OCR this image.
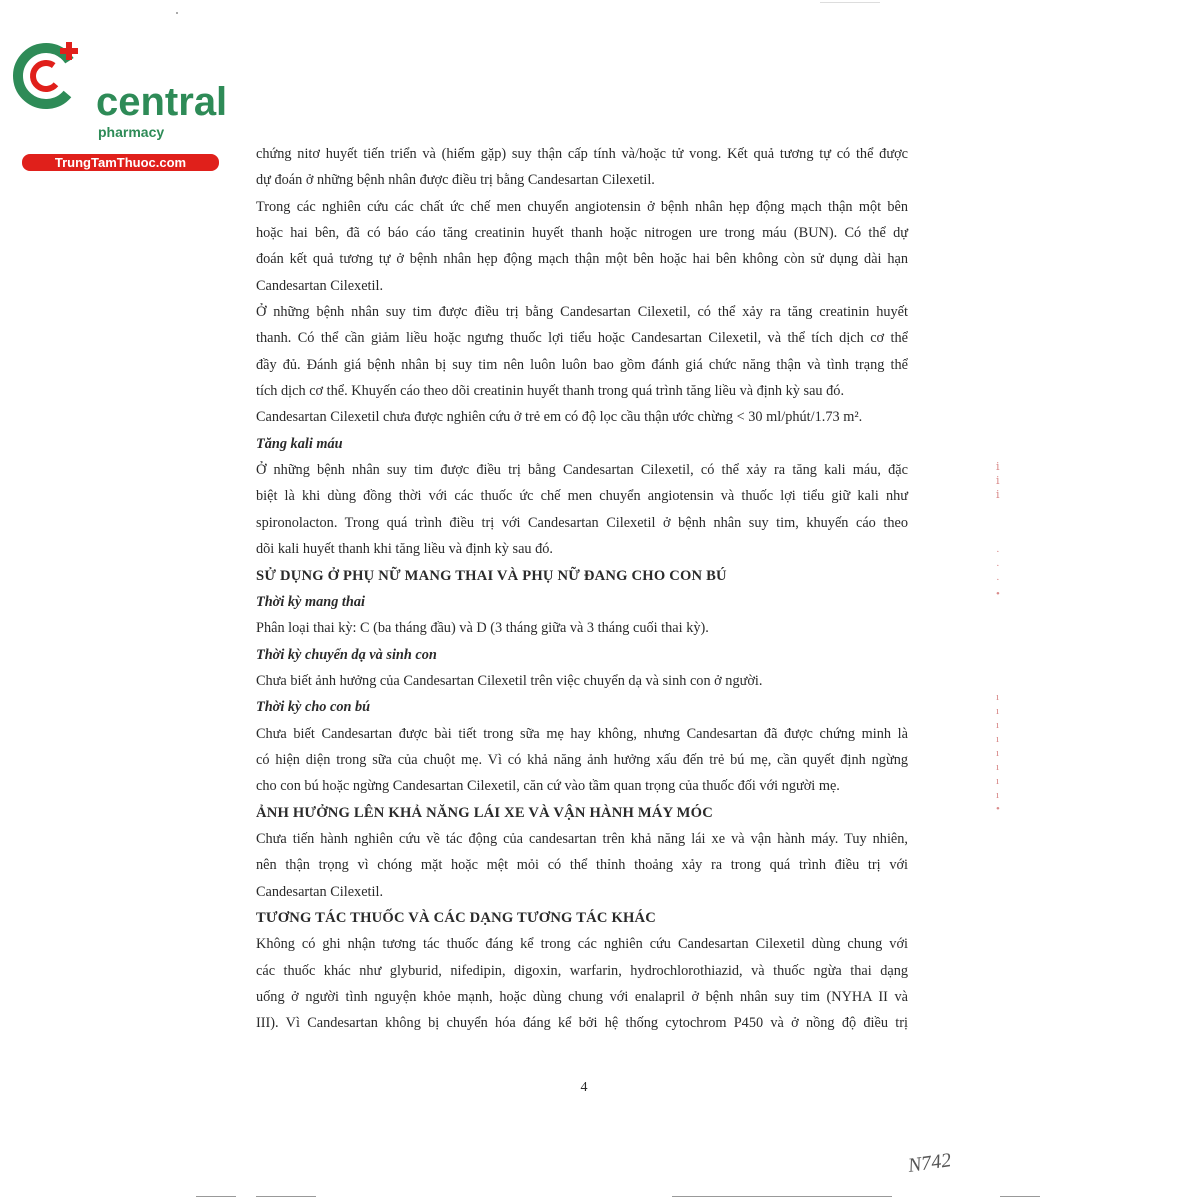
central
pharmacy
TrungTamThuoc.com
chứng nitơ huyết tiến triển và (hiếm gặp) suy thận cấp tính và/hoặc tử vong. Kết quả tương tự có thể được
dự đoán ở những bệnh nhân được điều trị bằng Candesartan Cilexetil.
Trong các nghiên cứu các chất ức chế men chuyển angiotensin ở bệnh nhân hẹp động mạch thận một bên
hoặc hai bên, đã có báo cáo tăng creatinin huyết thanh hoặc nitrogen ure trong máu (BUN). Có thể dự
đoán kết quả tương tự ở bệnh nhân hẹp động mạch thận một bên hoặc hai bên không còn sử dụng dài hạn
Candesartan Cilexetil.
Ở những bệnh nhân suy tim được điều trị bằng Candesartan Cilexetil, có thể xảy ra tăng creatinin huyết
thanh. Có thể cần giảm liều hoặc ngưng thuốc lợi tiểu hoặc Candesartan Cilexetil, và thể tích dịch cơ thể
đầy đủ. Đánh giá bệnh nhân bị suy tim nên luôn luôn bao gồm đánh giá chức năng thận và tình trạng thể
tích dịch cơ thể. Khuyến cáo theo dõi creatinin huyết thanh trong quá trình tăng liều và định kỳ sau đó.
Candesartan Cilexetil chưa được nghiên cứu ở trẻ em có độ lọc cầu thận ước chừng < 30 ml/phút/1.73 m².
Tăng kali máu
Ở những bệnh nhân suy tim được điều trị bằng Candesartan Cilexetil, có thể xảy ra tăng kali máu, đặc
biệt là khi dùng đồng thời với các thuốc ức chế men chuyển angiotensin và thuốc lợi tiểu giữ kali như
spironolacton. Trong quá trình điều trị với Candesartan Cilexetil ở bệnh nhân suy tim, khuyến cáo theo
dõi kali huyết thanh khi tăng liều và định kỳ sau đó.
SỬ DỤNG Ở PHỤ NỮ MANG THAI VÀ PHỤ NỮ ĐANG CHO CON BÚ
Thời kỳ mang thai
Phân loại thai kỳ: C (ba tháng đầu) và D (3 tháng giữa và 3 tháng cuối thai kỳ).
Thời kỳ chuyển dạ và sinh con
Chưa biết ảnh hưởng của Candesartan Cilexetil trên việc chuyển dạ và sinh con ở người.
Thời kỳ cho con bú
Chưa biết Candesartan được bài tiết trong sữa mẹ hay không, nhưng Candesartan đã được chứng minh là
có hiện diện trong sữa của chuột mẹ. Vì có khả năng ảnh hưởng xấu đến trẻ bú mẹ, cần quyết định ngừng
cho con bú hoặc ngừng Candesartan Cilexetil, căn cứ vào tầm quan trọng của thuốc đối với người mẹ.
ẢNH HƯỞNG LÊN KHẢ NĂNG LÁI XE VÀ VẬN HÀNH MÁY MÓC
Chưa tiến hành nghiên cứu về tác động của candesartan trên khả năng lái xe và vận hành máy. Tuy nhiên,
nên thận trọng vì chóng mặt hoặc mệt mỏi có thể thỉnh thoảng xảy ra trong quá trình điều trị với
Candesartan Cilexetil.
TƯƠNG TÁC THUỐC VÀ CÁC DẠNG TƯƠNG TÁC KHÁC
Không có ghi nhận tương tác thuốc đáng kể trong các nghiên cứu Candesartan Cilexetil dùng chung với
các thuốc khác như glyburid, nifedipin, digoxin, warfarin, hydrochlorothiazid, và thuốc ngừa thai dạng
uống ở người tình nguyện khỏe mạnh, hoặc dùng chung với enalapril ở bệnh nhân suy tim (NYHA II và
III). Vì Candesartan không bị chuyển hóa đáng kể bởi hệ thống cytochrom P450 và ở nồng độ điều trị
4
N742
ⅰ
ⅰ
ⅰ
·
·
·
•
ı
ı
ı
ı
ı
ı
ı
ı
•
